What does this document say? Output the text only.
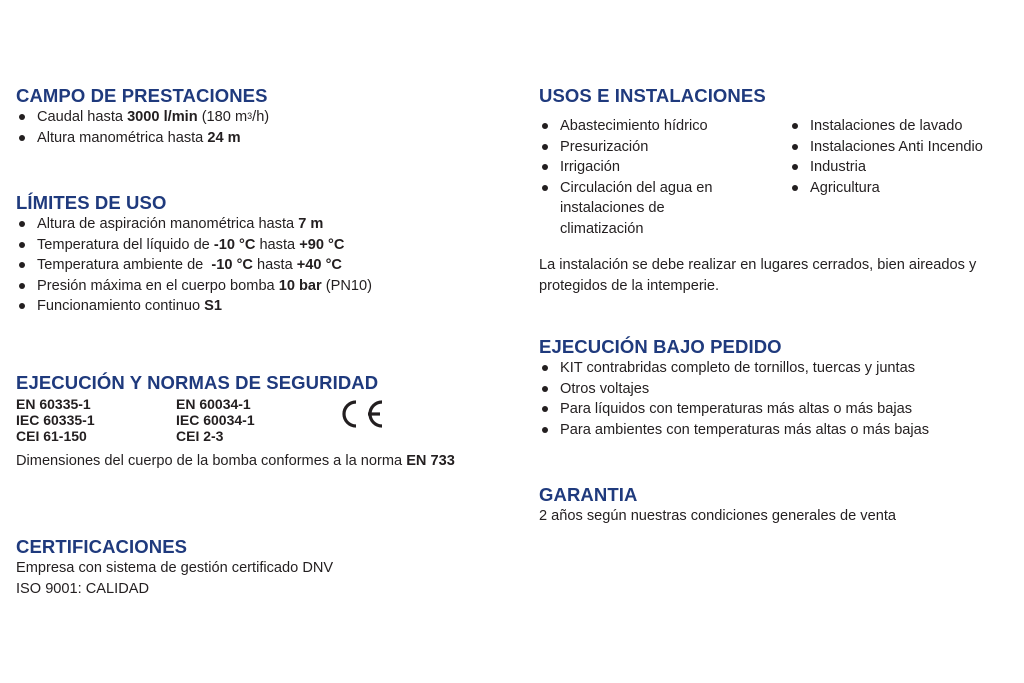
CAMPO DE PRESTACIONES
Caudal hasta 3000 l/min (180 $m^3/h$)
Altura manométrica hasta 24 m
LÍMITES DE USO
Altura de aspiración manométrica hasta 7 m
Temperatura del líquido de -10 °C hasta +90 °C
Temperatura ambiente de  -10 °C hasta +40 °C
Presión máxima en el cuerpo bomba 10 bar (PN10)
Funcionamiento continuo S1
EJECUCIÓN Y NORMAS DE SEGURIDAD
EN 60335-1
IEC 60335-1
CEI 61-150
EN 60034-1
IEC 60034-1
CEI 2-3

Dimensiones del cuerpo de la bomba conformes a la norma EN 733

CERTIFICACIONES

Empresa con sistema de gestión certificado DNV

ISO 9001: CALIDAD

USOS E INSTALACIONES
Abastecimiento hídrico
Presurización
Irrigación
Circulación del agua en instalaciones de climatización
Instalaciones de lavado
Instalaciones Anti Incendio
Industria
Agricultura

La instalación se debe realizar en lugares cerrados, bien aireados y protegidos de la intemperie.

EJECUCIÓN BAJO PEDIDO
KIT contrabridas completo de tornillos, tuercas y juntas
Otros voltajes
Para líquidos con temperaturas más altas o más bajas
Para ambientes con temperaturas más altas o más bajas
GARANTIA

2 años según nuestras condiciones generales de venta
